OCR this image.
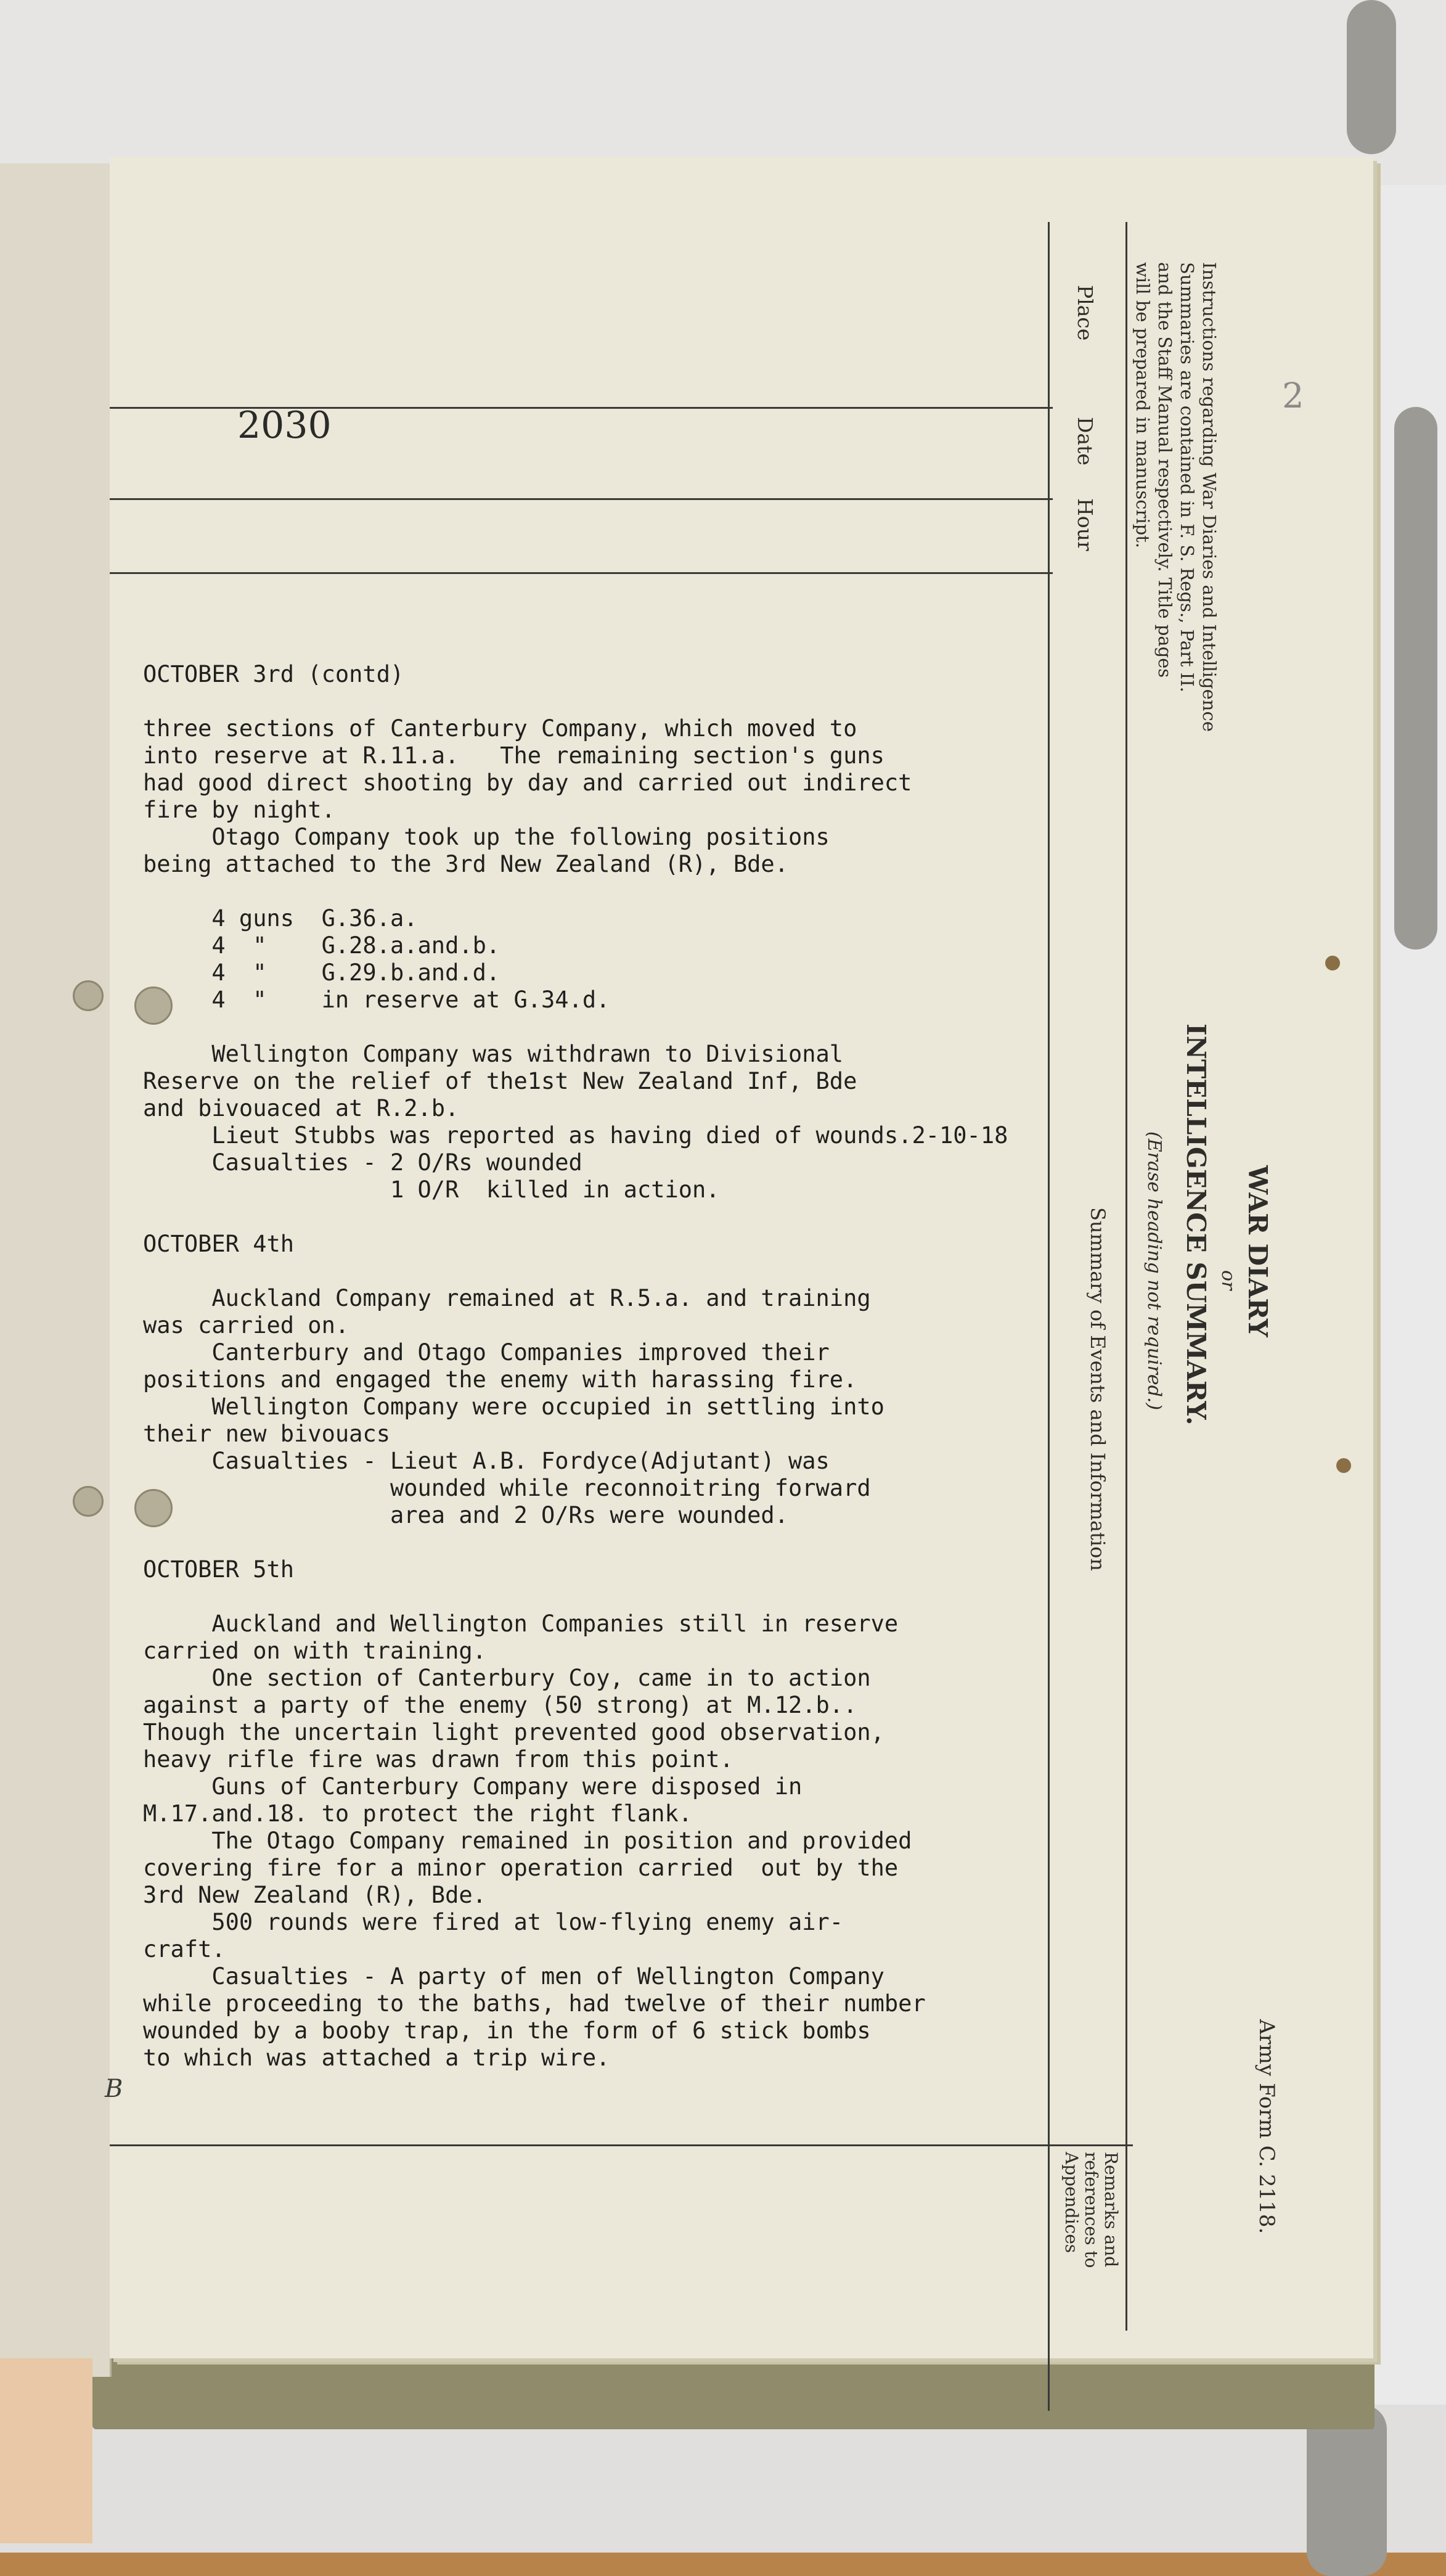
Place
Date
Hour
Summary of Events and Information
Remarks and
references to
Appendices
Instructions regarding War Diaries and Intelligence
Summaries are contained in F. S. Regs., Part II.
and the Staff Manual respectively. Title pages
will be prepared in manuscript.
WAR DIARY
or
INTELLIGENCE SUMMARY.
(Erase heading not required.)
Army Form C. 2118.
2030
2
B

OCTOBER 3rd (contd)

three sections of Canterbury Company, which moved to
into reserve at R.11.a.   The remaining section's guns
had good direct shooting by day and carried out indirect
fire by night.
Otago Company took up the following positions
being attached to the 3rd New Zealand (R), Bde.

4 guns  G.36.a.
4  "    G.28.a.and.b.
4  "    G.29.b.and.d.
4  "    in reserve at G.34.d.

Wellington Company was withdrawn to Divisional
Reserve on the relief of the1st New Zealand Inf, Bde
and bivouaced at R.2.b.
Lieut Stubbs was reported as having died of wounds.2-10-18
Casualties - 2 O/Rs wounded
1 O/R  killed in action.

OCTOBER 4th

Auckland Company remained at R.5.a. and training
was carried on.
Canterbury and Otago Companies improved their
positions and engaged the enemy with harassing fire.
Wellington Company were occupied in settling into
their new bivouacs
Casualties - Lieut A.B. Fordyce(Adjutant) was
wounded while reconnoitring forward
area and 2 O/Rs were wounded.

OCTOBER 5th

Auckland and Wellington Companies still in reserve
carried on with training.
One section of Canterbury Coy, came in to action
against a party of the enemy (50 strong) at M.12.b..
Though the uncertain light prevented good observation,
heavy rifle fire was drawn from this point.
Guns of Canterbury Company were disposed in
M.17.and.18. to protect the right flank.
The Otago Company remained in position and provided
covering fire for a minor operation carried  out by the
3rd New Zealand (R), Bde.
500 rounds were fired at low-flying enemy air-
craft.
Casualties - A party of men of Wellington Company
while proceeding to the baths, had twelve of their number
wounded by a booby trap, in the form of 6 stick bombs
to which was attached a trip wire.
